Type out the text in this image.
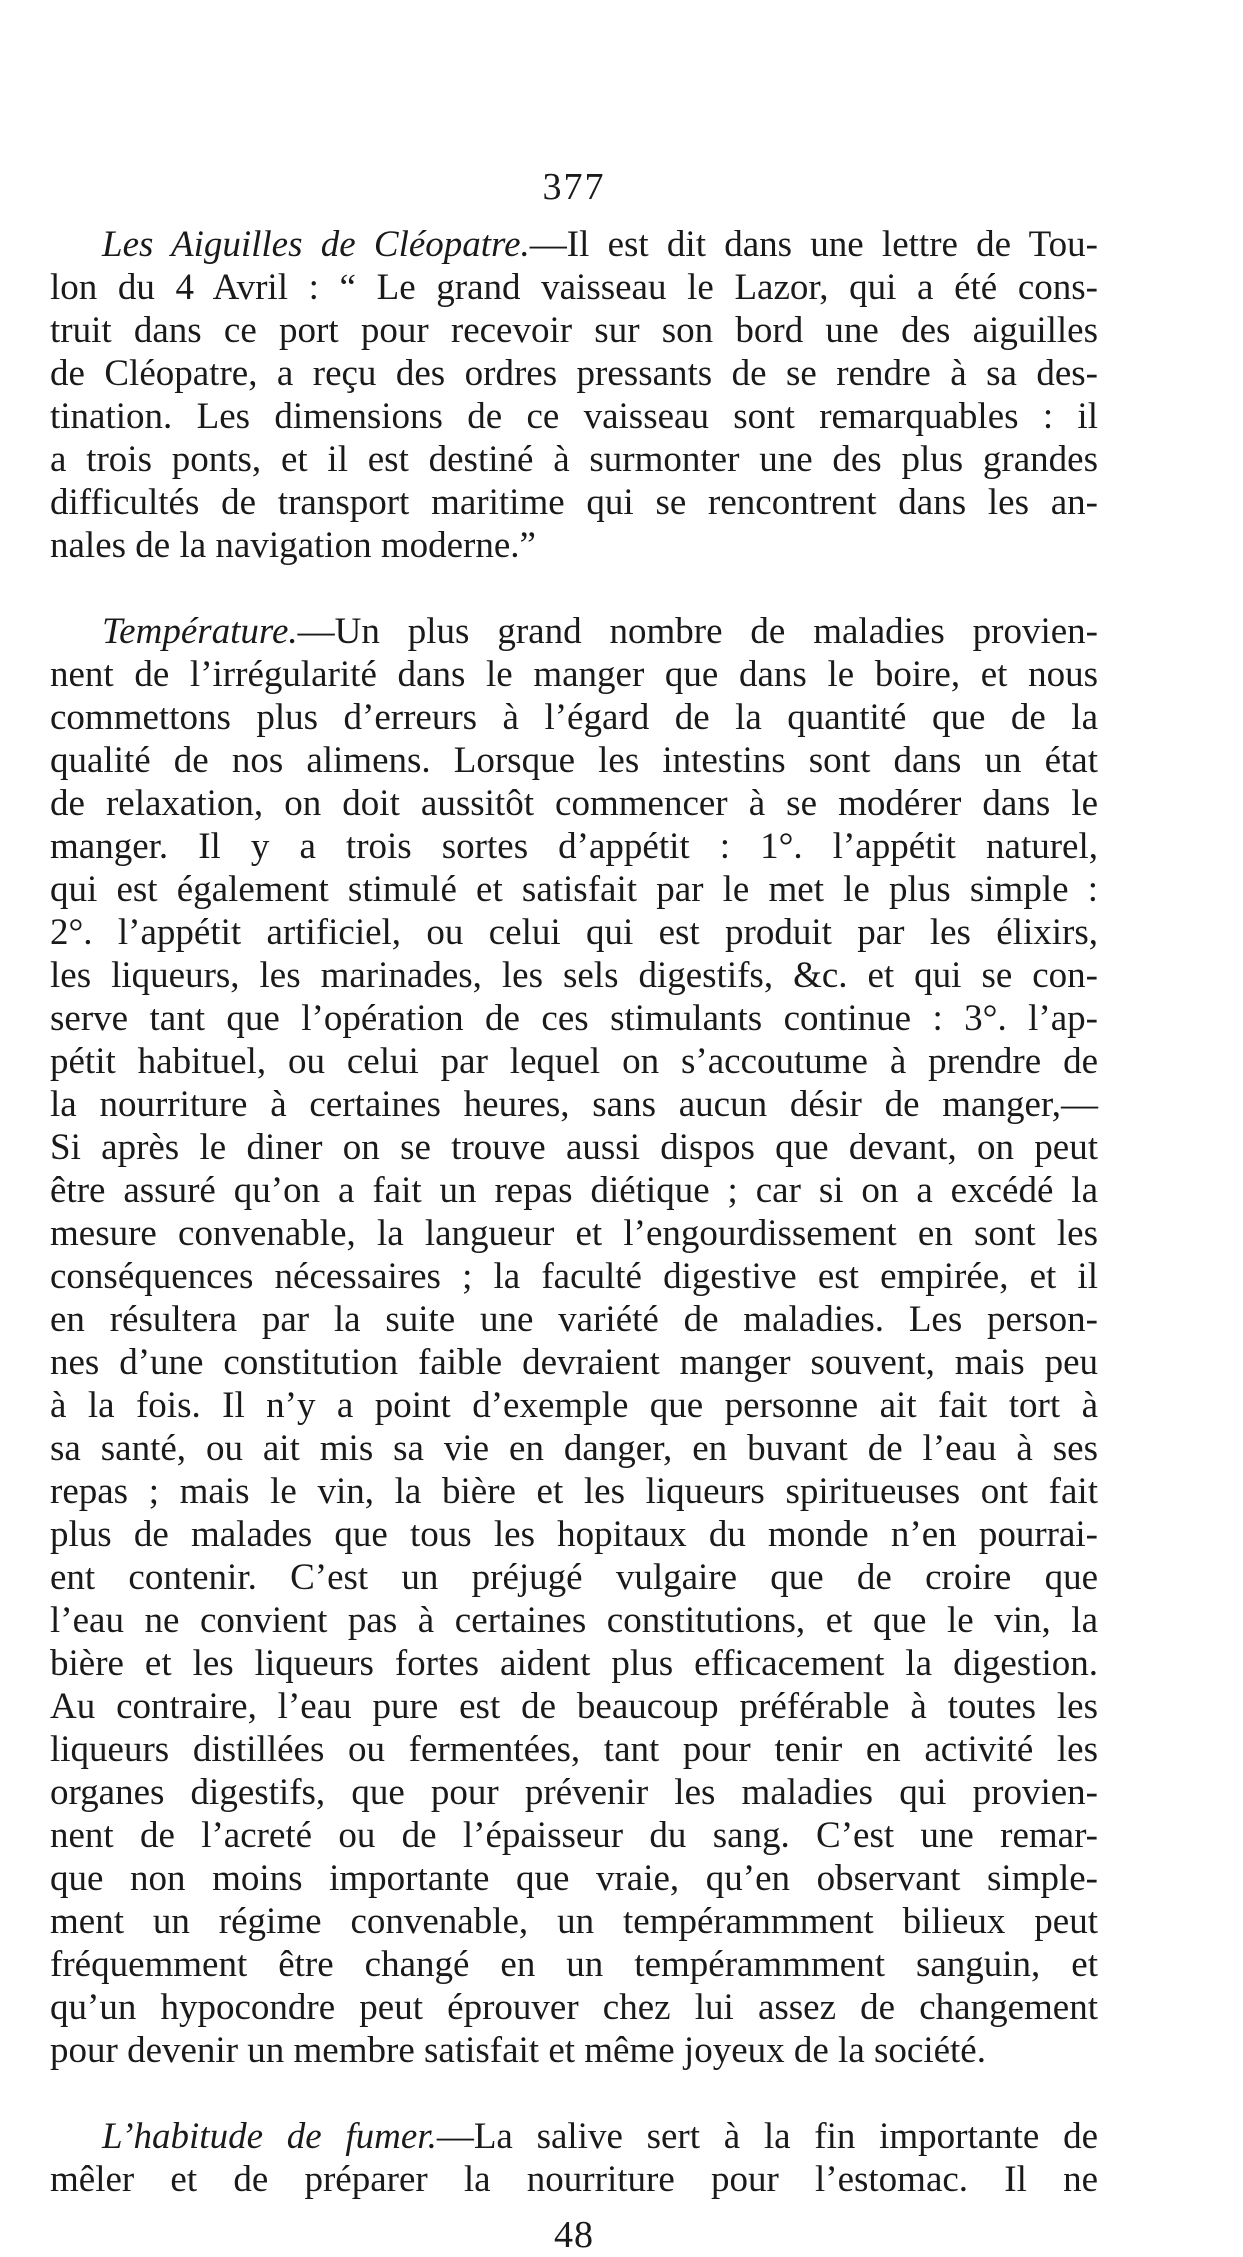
377
Les Aiguilles de Cléopatre.—Il est dit dans une lettre de Tou-
lon du 4 Avril : “ Le grand vaisseau le Lazor, qui a été cons-
truit dans ce port pour recevoir sur son bord une des aiguilles
de Cléopatre, a reçu des ordres pressants de se rendre à sa des-
tination. Les dimensions de ce vaisseau sont remarquables : il
a trois ponts, et il est destiné à surmonter une des plus grandes
difficultés de transport maritime qui se rencontrent dans les an-
nales de la navigation moderne.”
Température.—Un plus grand nombre de maladies provien-
nent de l’irrégularité dans le manger que dans le boire, et nous
commettons plus d’erreurs à l’égard de la quantité que de la
qualité de nos alimens. Lorsque les intestins sont dans un état
de relaxation, on doit aussitôt commencer à se modérer dans le
manger. Il y a trois sortes d’appétit : 1°. l’appétit naturel,
qui est également stimulé et satisfait par le met le plus simple :
2°. l’appétit artificiel, ou celui qui est produit par les élixirs,
les liqueurs, les marinades, les sels digestifs, &c. et qui se con-
serve tant que l’opération de ces stimulants continue : 3°. l’ap-
pétit habituel, ou celui par lequel on s’accoutume à prendre de
la nourriture à certaines heures, sans aucun désir de manger,—
Si après le diner on se trouve aussi dispos que devant, on peut
être assuré qu’on a fait un repas diétique ; car si on a excédé la
mesure convenable, la langueur et l’engourdissement en sont les
conséquences nécessaires ; la faculté digestive est empirée, et il
en résultera par la suite une variété de maladies. Les person-
nes d’une constitution faible devraient manger souvent, mais peu
à la fois. Il n’y a point d’exemple que personne ait fait tort à
sa santé, ou ait mis sa vie en danger, en buvant de l’eau à ses
repas ; mais le vin, la bière et les liqueurs spiritueuses ont fait
plus de malades que tous les hopitaux du monde n’en pourrai-
ent contenir. C’est un préjugé vulgaire que de croire que
l’eau ne convient pas à certaines constitutions, et que le vin, la
bière et les liqueurs fortes aident plus efficacement la digestion.
Au contraire, l’eau pure est de beaucoup préférable à toutes les
liqueurs distillées ou fermentées, tant pour tenir en activité les
organes digestifs, que pour prévenir les maladies qui provien-
nent de l’acreté ou de l’épaisseur du sang. C’est une remar-
que non moins importante que vraie, qu’en observant simple-
ment un régime convenable, un tempérammment bilieux peut
fréquemment être changé en un tempérammment sanguin, et
qu’un hypocondre peut éprouver chez lui assez de changement
pour devenir un membre satisfait et même joyeux de la société.
L’habitude de fumer.—La salive sert à la fin importante de
mêler et de préparer la nourriture pour l’estomac. Il ne
48
